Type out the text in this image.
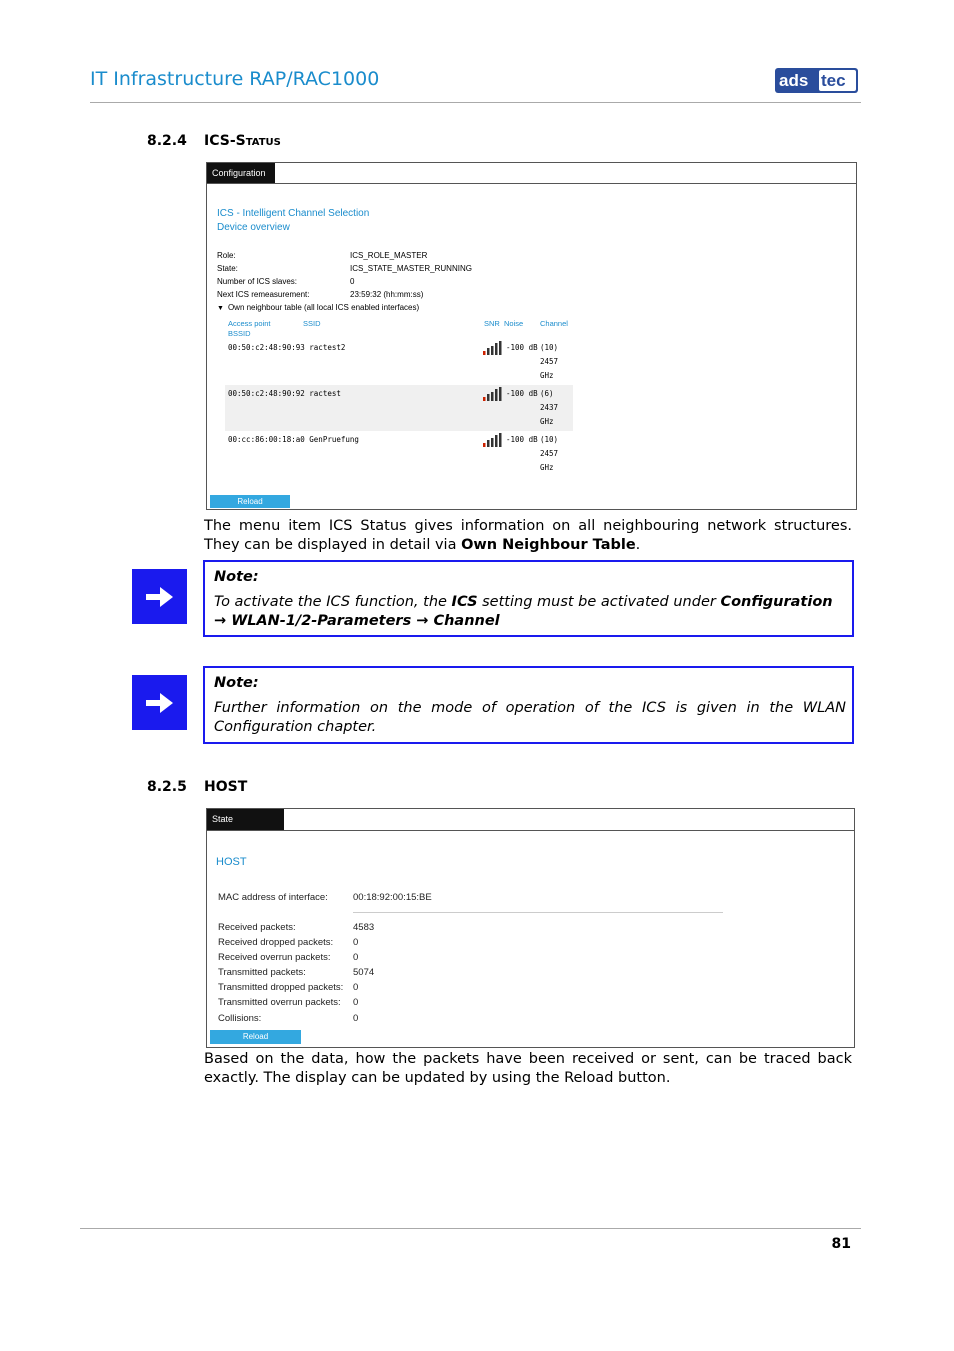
IT Infrastructure RAP/RAC1000	ads tec
8.2.4 ICS-Status
Configuration
ICS - Intelligent Channel Selection
Device overview
Role:	ICS_ROLE_MASTER
State:	ICS_STATE_MASTER_RUNNING
Number of ICS slaves:	0
Next ICS remeasurement:	23:59:32 (hh:mm:ss)
▼ Own neighbour table (all local ICS enabled interfaces)
Access point
BSSID
SSID	SNR  Noise Channel
00:50:c2:48:90:93 ractest2	-100 dB (10)
2457
GHz
00:50:c2:48:90:92 ractest	-100 dB (6)
2437
GHz
00:cc:86:00:18:a0 GenPruefung	-100 dB (10)
2457
GHz
Reload
The menu item ICS Status gives information on all neighbouring network structures. They can be displayed in detail via Own Neighbour Table.
Note:
To activate the ICS function, the ICS setting must be activated under Configuration → WLAN-1/2-Parameters → Channel
Note:
Further information on the mode of operation of the ICS is given in the WLAN Configuration chapter.
8.2.5 HOST
State
HOST
MAC address of interface:	00:18:92:00:15:BE
Received packets:	4583
Received dropped packets: 0
Received overrun packets: 0
Transmitted packets:	5074
Transmitted dropped packets: 0
Transmitted overrun packets: 0
Collisions:	0
Reload
Based on the data, how the packets have been received or sent, can be traced back exactly. The display can be updated by using the Reload button.
81
